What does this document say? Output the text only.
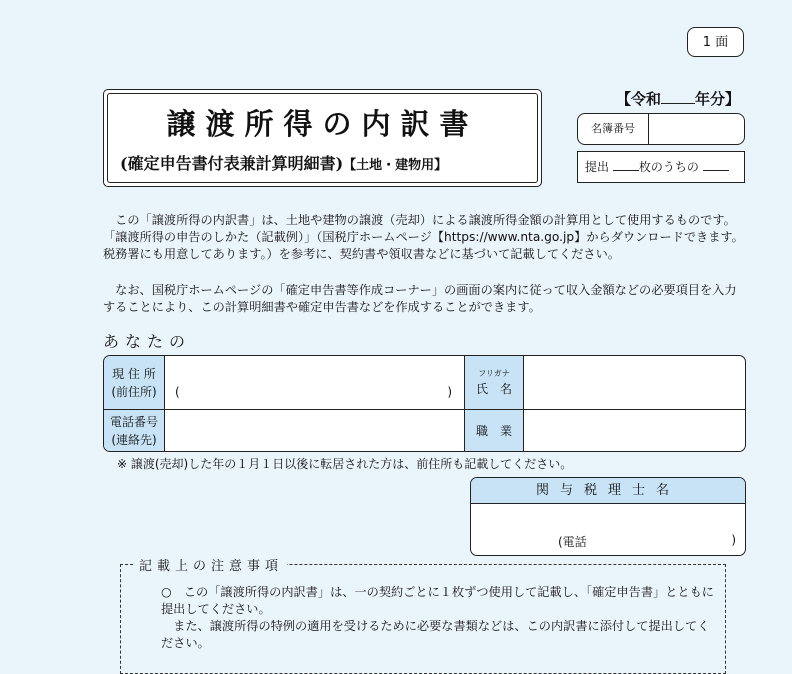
1 面
譲渡所得の内訳書
(確定申告書付表兼計算明細書)【土地・建物用】
【令和 年分】
名簿番号
提出 枚のうちの
　この「譲渡所得の内訳書」は、土地や建物の譲渡（売却）による譲渡所得金額の計算用として使用するものです。「譲渡所得の申告のしかた（記載例）」（国税庁ホームページ【https://www.nta.go.jp】からダウンロードできます。税務署にも用意してあります。）を参考に、契約書や領収書などに基づいて記載してください。
　なお、国税庁ホームページの「確定申告書等作成コーナー」の画面の案内に従って収入金額などの必要項目を入力することにより、この計算明細書や確定申告書などを作成することができます。
あなたの
現 住 所
(前住所)
電話番号
(連絡先)
フリガナ
氏　名
職　業
(	)
※ 譲渡(売却)した年の１月１日以後に転居された方は、前住所も記載してください。
関与税理士名
(電話	)
記載上の注意事項
○　この「譲渡所得の内訳書」は、一の契約ごとに１枚ずつ使用して記載し、「確定申告書」とともに提出してください。
　また、譲渡所得の特例の適用を受けるために必要な書類などは、この内訳書に添付して提出してください。
